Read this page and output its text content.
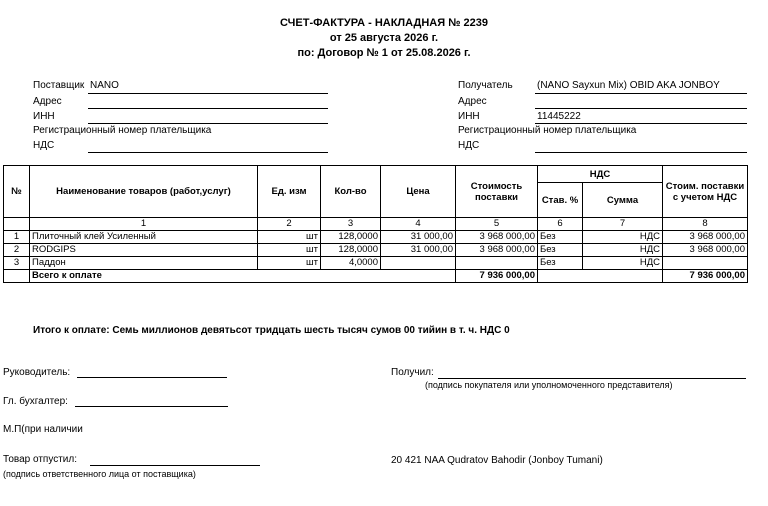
СЧЕТ-ФАКТУРА - НАКЛАДНАЯ № 2239
от 25 августа 2026 г.
по: Договор № 1 от 25.08.2026 г.
Поставщик NANO
Адрес
ИНН
Регистрационный номер плательщика
НДС
Получатель (NANO Sayxun Mix) OBID AKA JONBOY
Адрес
ИНН	11445222
Регистрационный номер плательщика
НДС
№	Наименование товаров (работ,услуг)	Ед. изм	Кол-во	Цена	Стоимость поставки	НДС		Стоим. поставки с учетом НДС
						Став. %	Сумма	
	1	2	3	4	5	6	7	8
1	Плиточный клей Усиленный	шт	128,0000	31 000,00	3 968 000,00	Без	НДС	3 968 000,00
2	RODGIPS	шт	128,0000	31 000,00	3 968 000,00	Без	НДС	3 968 000,00
3	Паддон	шт	4,0000			Без	НДС	
	Всего к оплате				7 936 000,00			7 936 000,00
Итого к оплате: Семь миллионов девятьсот тридцать шесть тысяч сумов 00 тийин в т. ч. НДС 0
Руководитель:
Гл. бухгалтер:
М.П(при наличии
Товар отпустил:
(подпись ответственного лица от поставщика)
Получил:
(подпись покупателя или уполномоченного представителя)
20 421 NAA Qudratov Bahodir (Jonboy Tumani)
